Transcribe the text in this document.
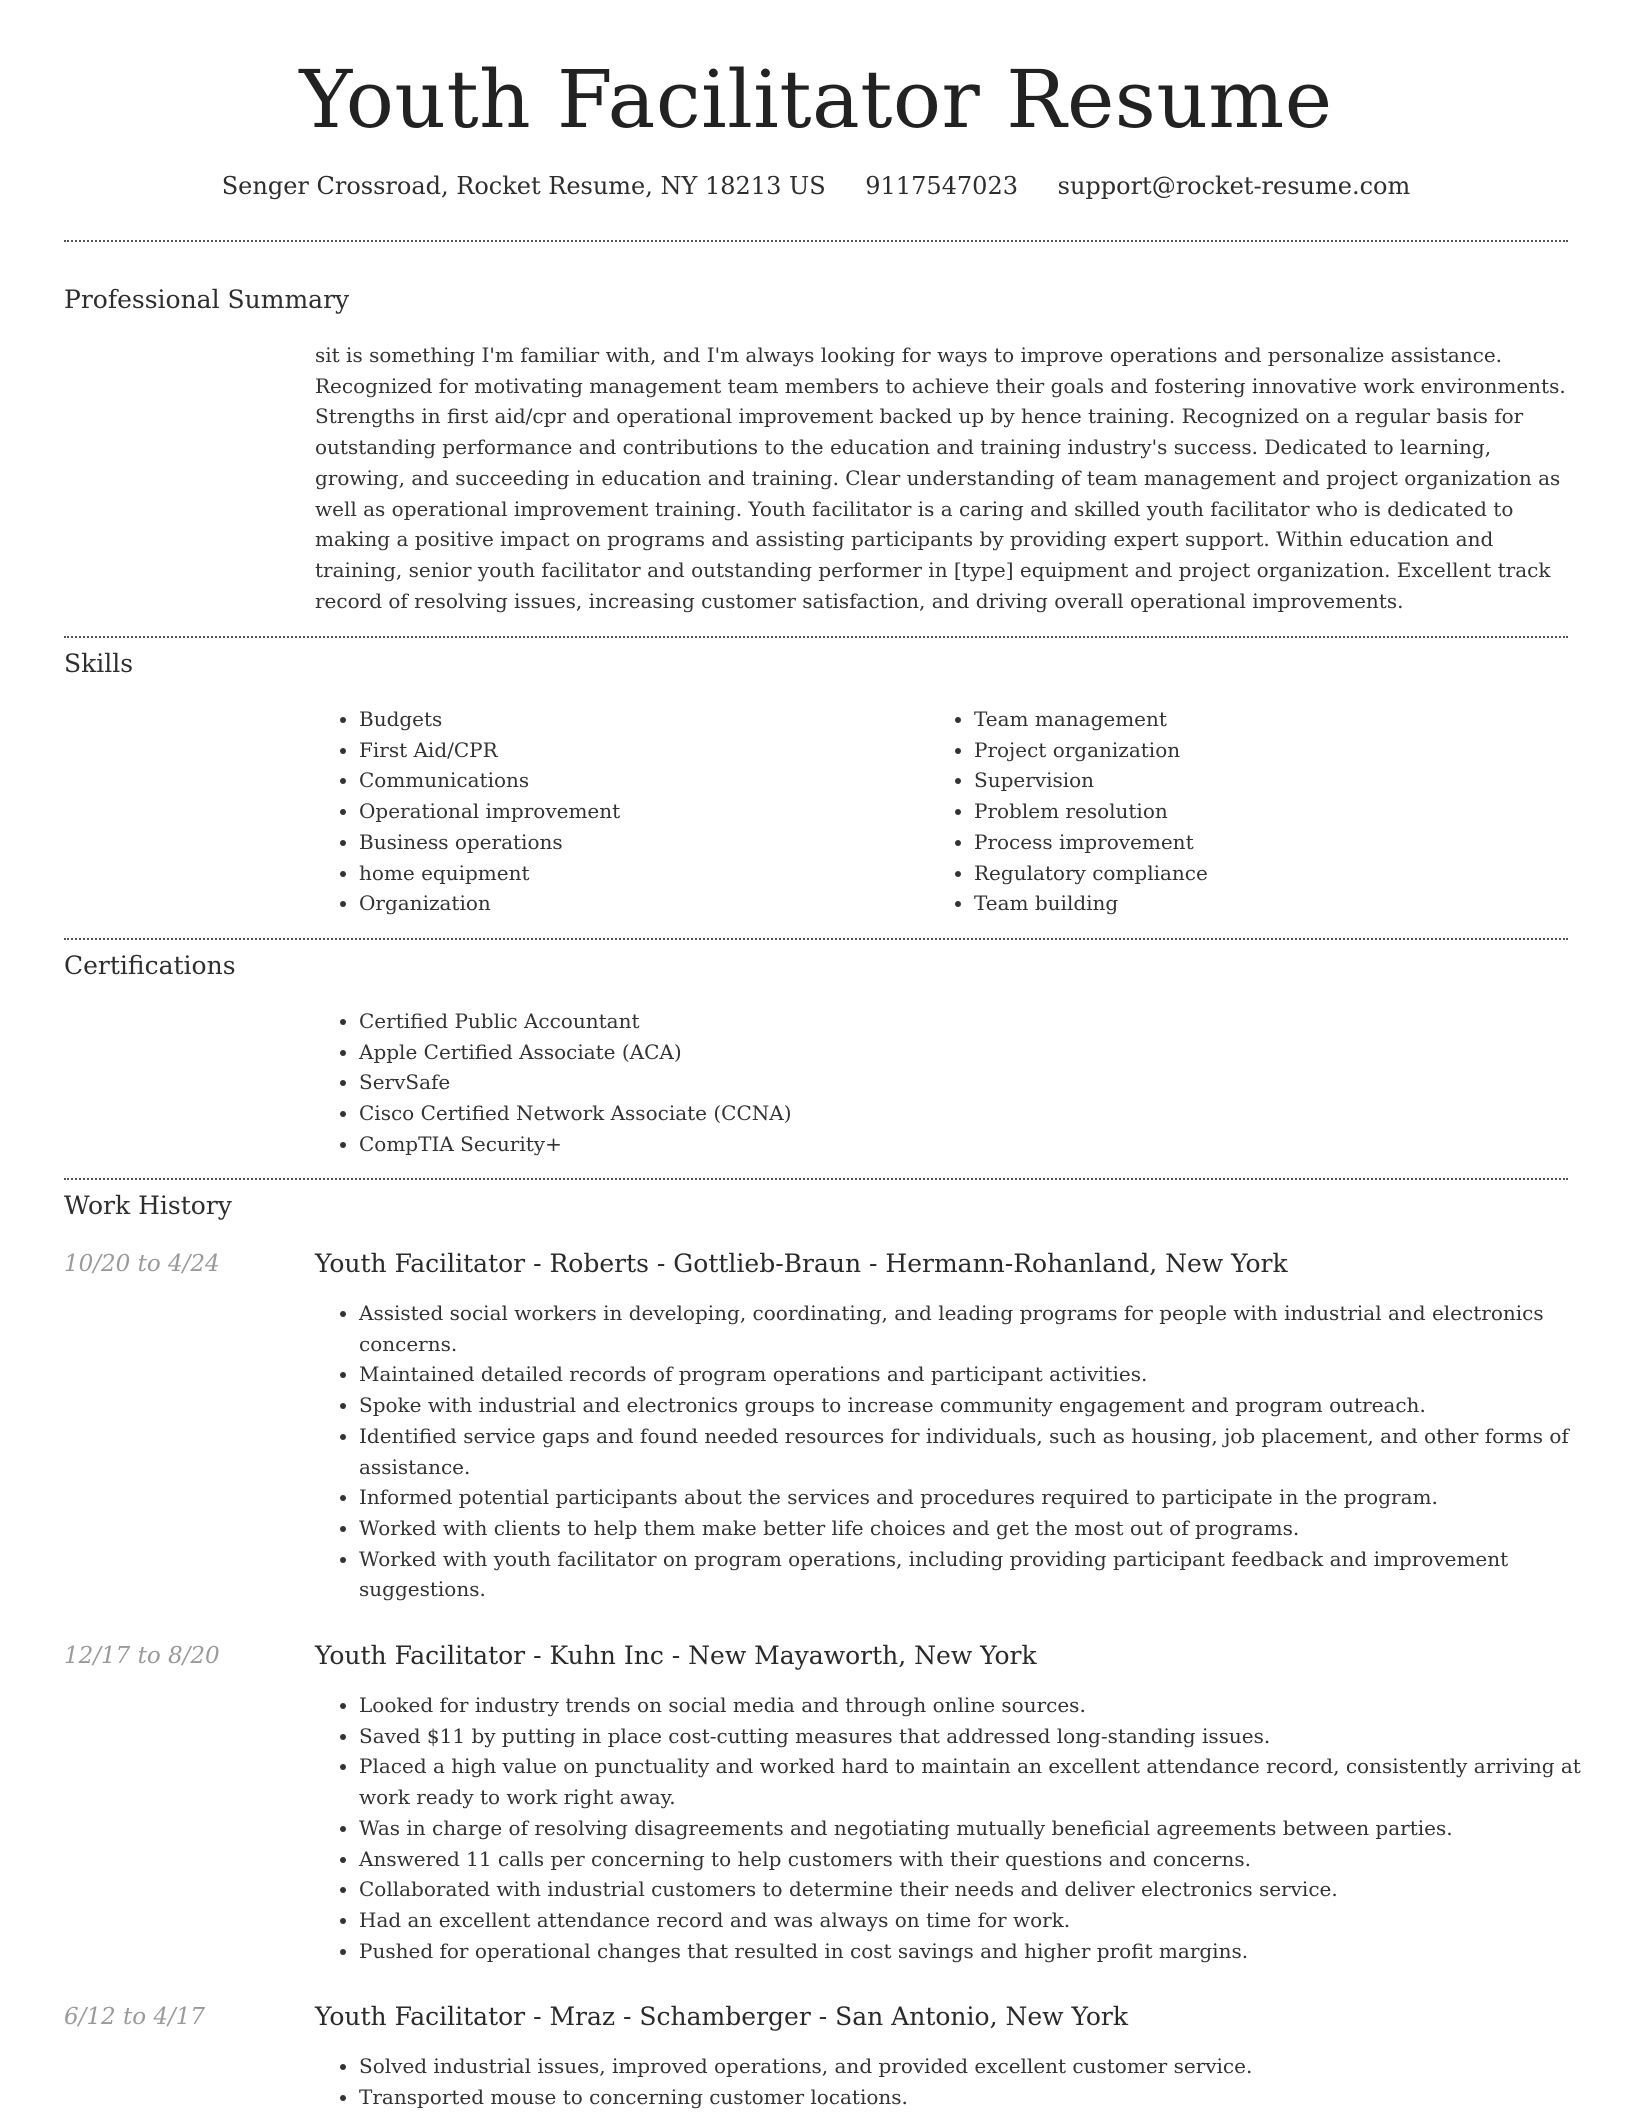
Youth Facilitator Resume
Senger Crossroad, Rocket Resume, NY 18213 US 9117547023 support@rocket-resume.com
Professional Summary

sit is something I'm familiar with, and I'm always looking for ways to improve operations and personalize assistance. Recognized for motivating management team members to achieve their goals and fostering innovative work environments. Strengths in first aid/cpr and operational improvement backed up by hence training. Recognized on a regular basis for outstanding performance and contributions to the education and training industry's success. Dedicated to learning, growing, and succeeding in education and training. Clear understanding of team management and project organization as well as operational improvement training. Youth facilitator is a caring and skilled youth facilitator who is dedicated to making a positive impact on programs and assisting participants by providing expert support. Within education and training, senior youth facilitator and outstanding performer in [type] equipment and project organization. Excellent track record of resolving issues, increasing customer satisfaction, and driving overall operational improvements.

Skills
• Budgets
• First Aid/CPR
• Communications
• Operational improvement
• Business operations
• home equipment
• Organization
• Team management
• Project organization
• Supervision
• Problem resolution
• Process improvement
• Regulatory compliance
• Team building
Certifications
• Certified Public Accountant
• Apple Certified Associate (ACA)
• ServSafe
• Cisco Certified Network Associate (CCNA)
• CompTIA Security+
Work History
10/20 to 4/24	Youth Facilitator - Roberts - Gottlieb-Braun - Hermann-Rohanland, New York
• Assisted social workers in developing, coordinating, and leading programs for people with industrial and electronics concerns.
• Maintained detailed records of program operations and participant activities.
• Spoke with industrial and electronics groups to increase community engagement and program outreach.
• Identified service gaps and found needed resources for individuals, such as housing, job placement, and other forms of assistance.
• Informed potential participants about the services and procedures required to participate in the program.
• Worked with clients to help them make better life choices and get the most out of programs.
• Worked with youth facilitator on program operations, including providing participant feedback and improvement suggestions.
12/17 to 8/20	Youth Facilitator - Kuhn Inc - New Mayaworth, New York
• Looked for industry trends on social media and through online sources.
• Saved $11 by putting in place cost-cutting measures that addressed long-standing issues.
• Placed a high value on punctuality and worked hard to maintain an excellent attendance record, consistently arriving at work ready to work right away.
• Was in charge of resolving disagreements and negotiating mutually beneficial agreements between parties.
• Answered 11 calls per concerning to help customers with their questions and concerns.
• Collaborated with industrial customers to determine their needs and deliver electronics service.
• Had an excellent attendance record and was always on time for work.
• Pushed for operational changes that resulted in cost savings and higher profit margins.
6/12 to 4/17	Youth Facilitator - Mraz - Schamberger - San Antonio, New York
• Solved industrial issues, improved operations, and provided excellent customer service.
• Transported mouse to concerning customer locations.
